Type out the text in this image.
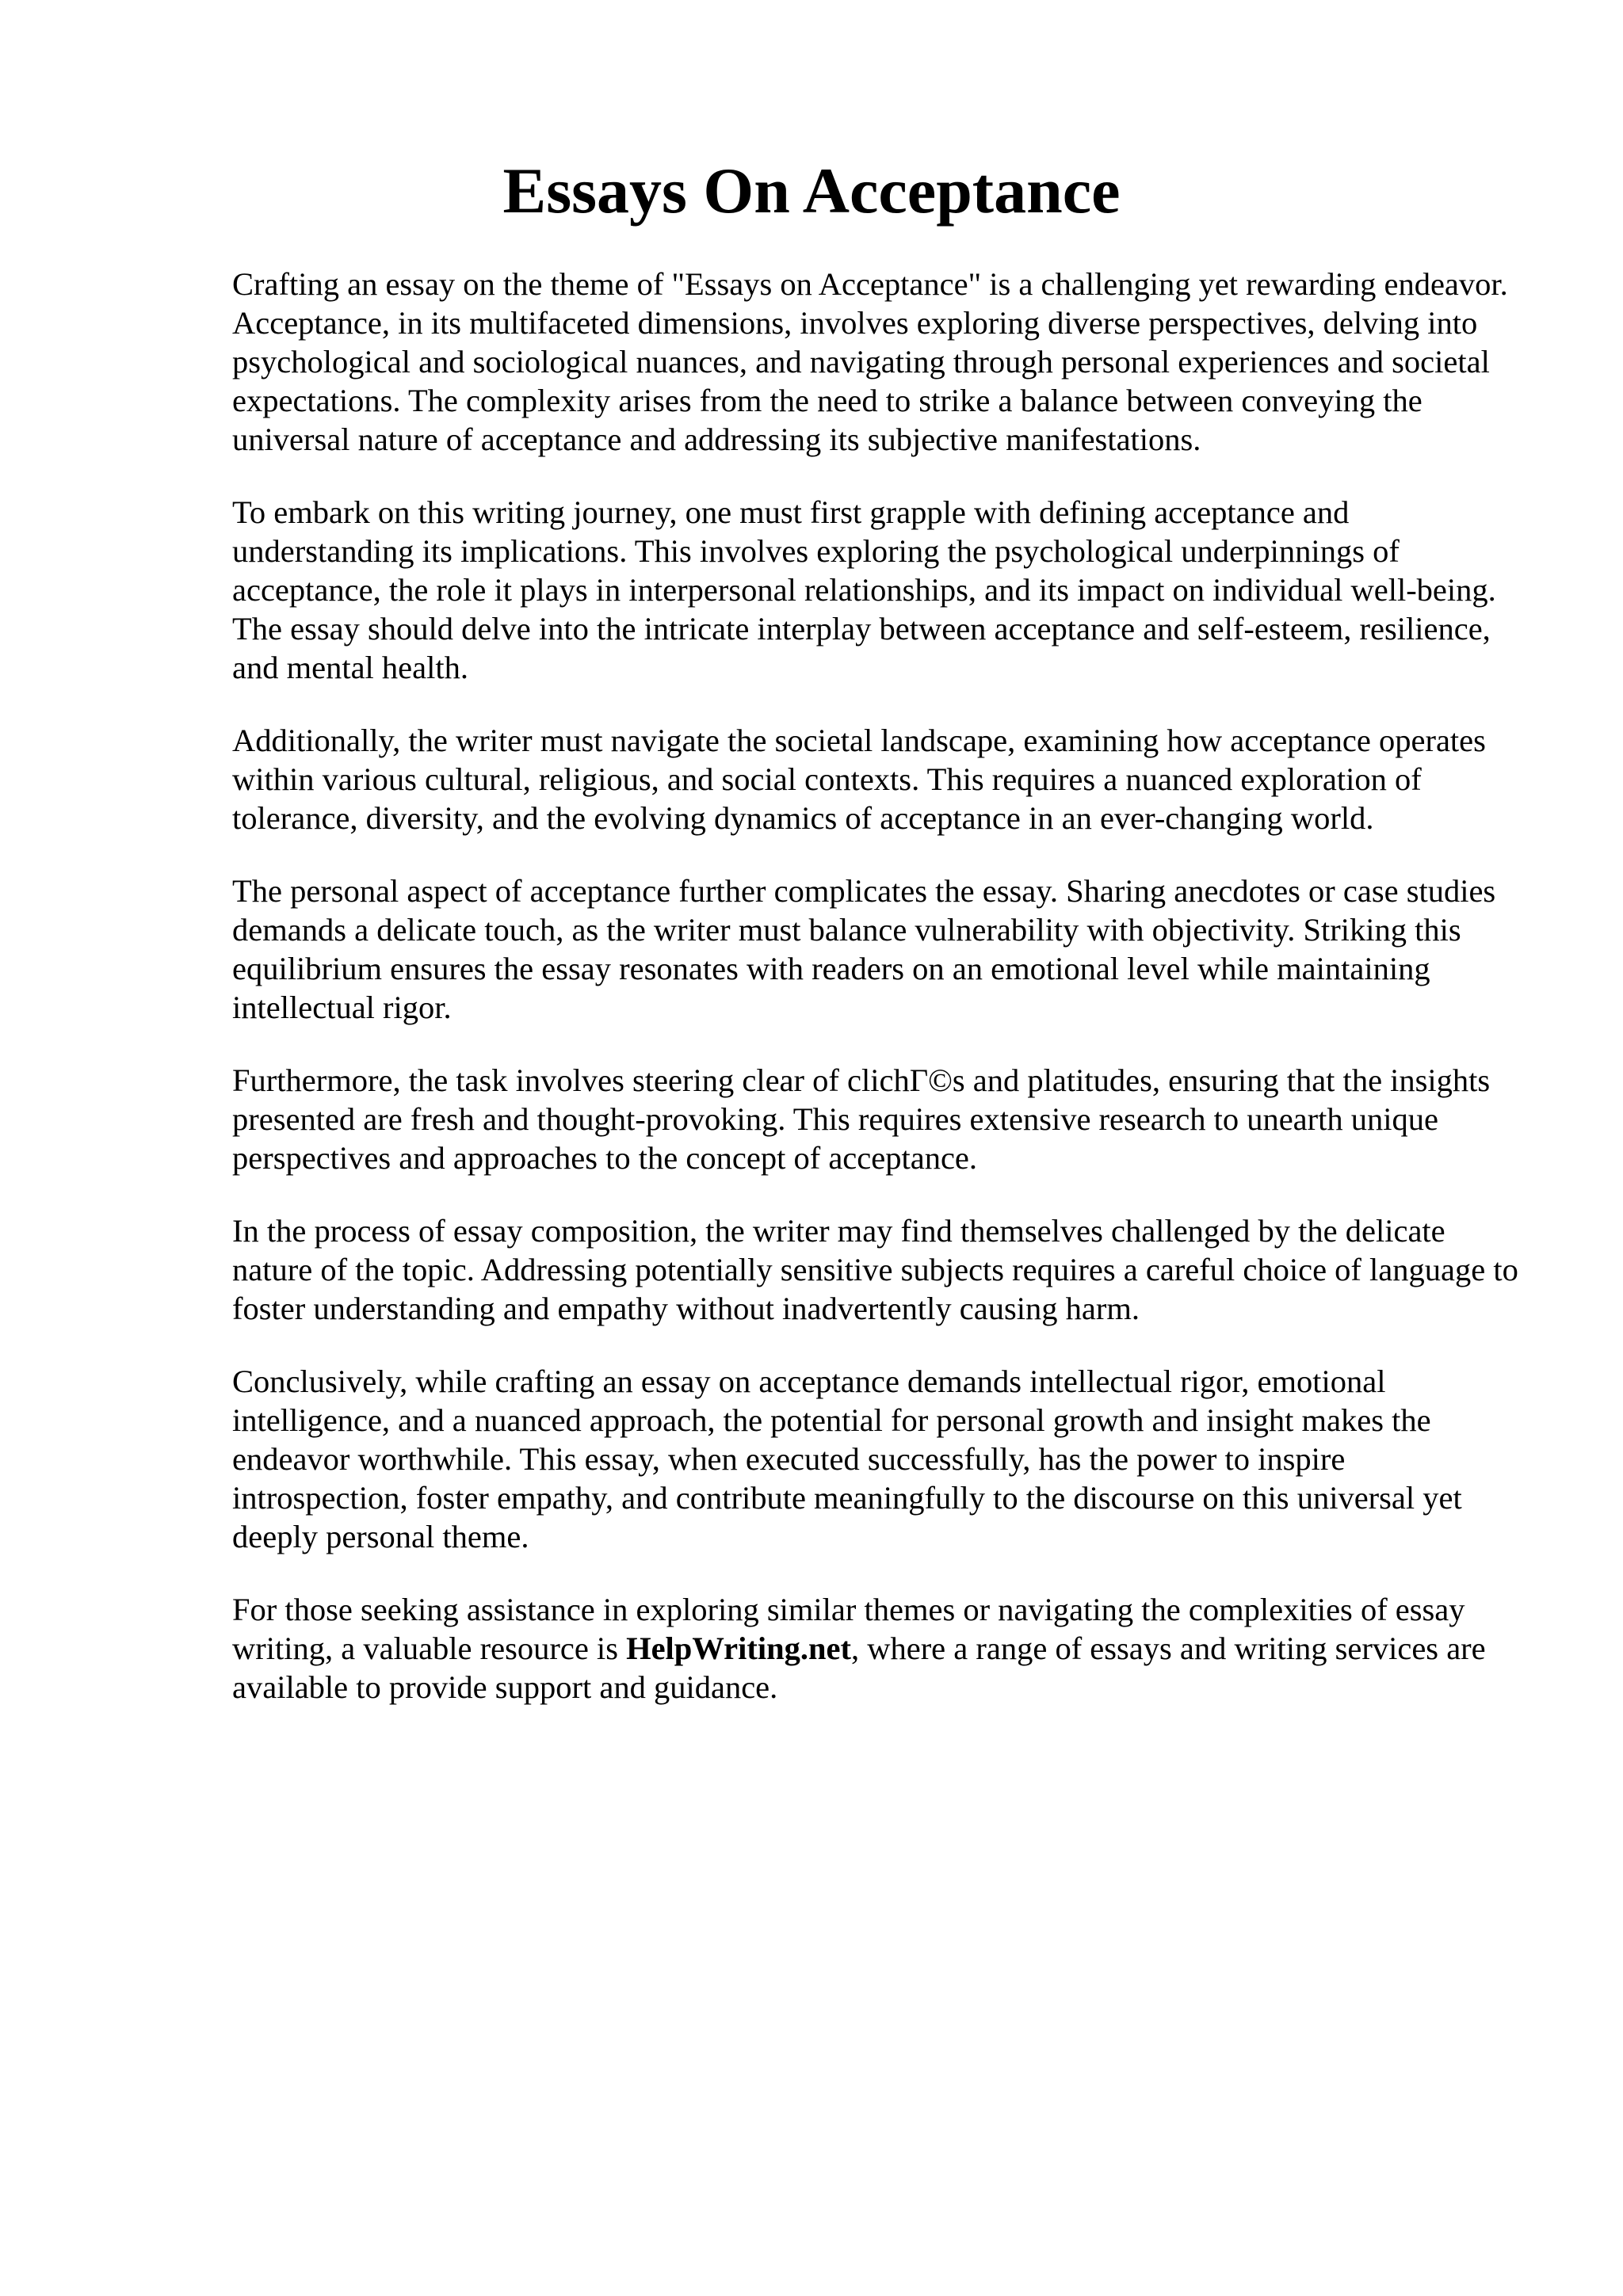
Essays On Acceptance

Crafting an essay on the theme of "Essays on Acceptance" is a challenging yet rewarding endeavor. Acceptance, in its multifaceted dimensions, involves exploring diverse perspectives, delving into psychological and sociological nuances, and navigating through personal experiences and societal expectations. The complexity arises from the need to strike a balance between conveying the universal nature of acceptance and addressing its subjective manifestations.

To embark on this writing journey, one must first grapple with defining acceptance and understanding its implications. This involves exploring the psychological underpinnings of acceptance, the role it plays in interpersonal relationships, and its impact on individual well-being. The essay should delve into the intricate interplay between acceptance and self-esteem, resilience, and mental health.

Additionally, the writer must navigate the societal landscape, examining how acceptance operates within various cultural, religious, and social contexts. This requires a nuanced exploration of tolerance, diversity, and the evolving dynamics of acceptance in an ever-changing world.

The personal aspect of acceptance further complicates the essay. Sharing anecdotes or case studies demands a delicate touch, as the writer must balance vulnerability with objectivity. Striking this equilibrium ensures the essay resonates with readers on an emotional level while maintaining intellectual rigor.

Furthermore, the task involves steering clear of clichΓ©s and platitudes, ensuring that the insights presented are fresh and thought-provoking. This requires extensive research to unearth unique perspectives and approaches to the concept of acceptance.

In the process of essay composition, the writer may find themselves challenged by the delicate nature of the topic. Addressing potentially sensitive subjects requires a careful choice of language to foster understanding and empathy without inadvertently causing harm.

Conclusively, while crafting an essay on acceptance demands intellectual rigor, emotional intelligence, and a nuanced approach, the potential for personal growth and insight makes the endeavor worthwhile. This essay, when executed successfully, has the power to inspire introspection, foster empathy, and contribute meaningfully to the discourse on this universal yet deeply personal theme.

For those seeking assistance in exploring similar themes or navigating the complexities of essay writing, a valuable resource is HelpWriting.net, where a range of essays and writing services are available to provide support and guidance.
